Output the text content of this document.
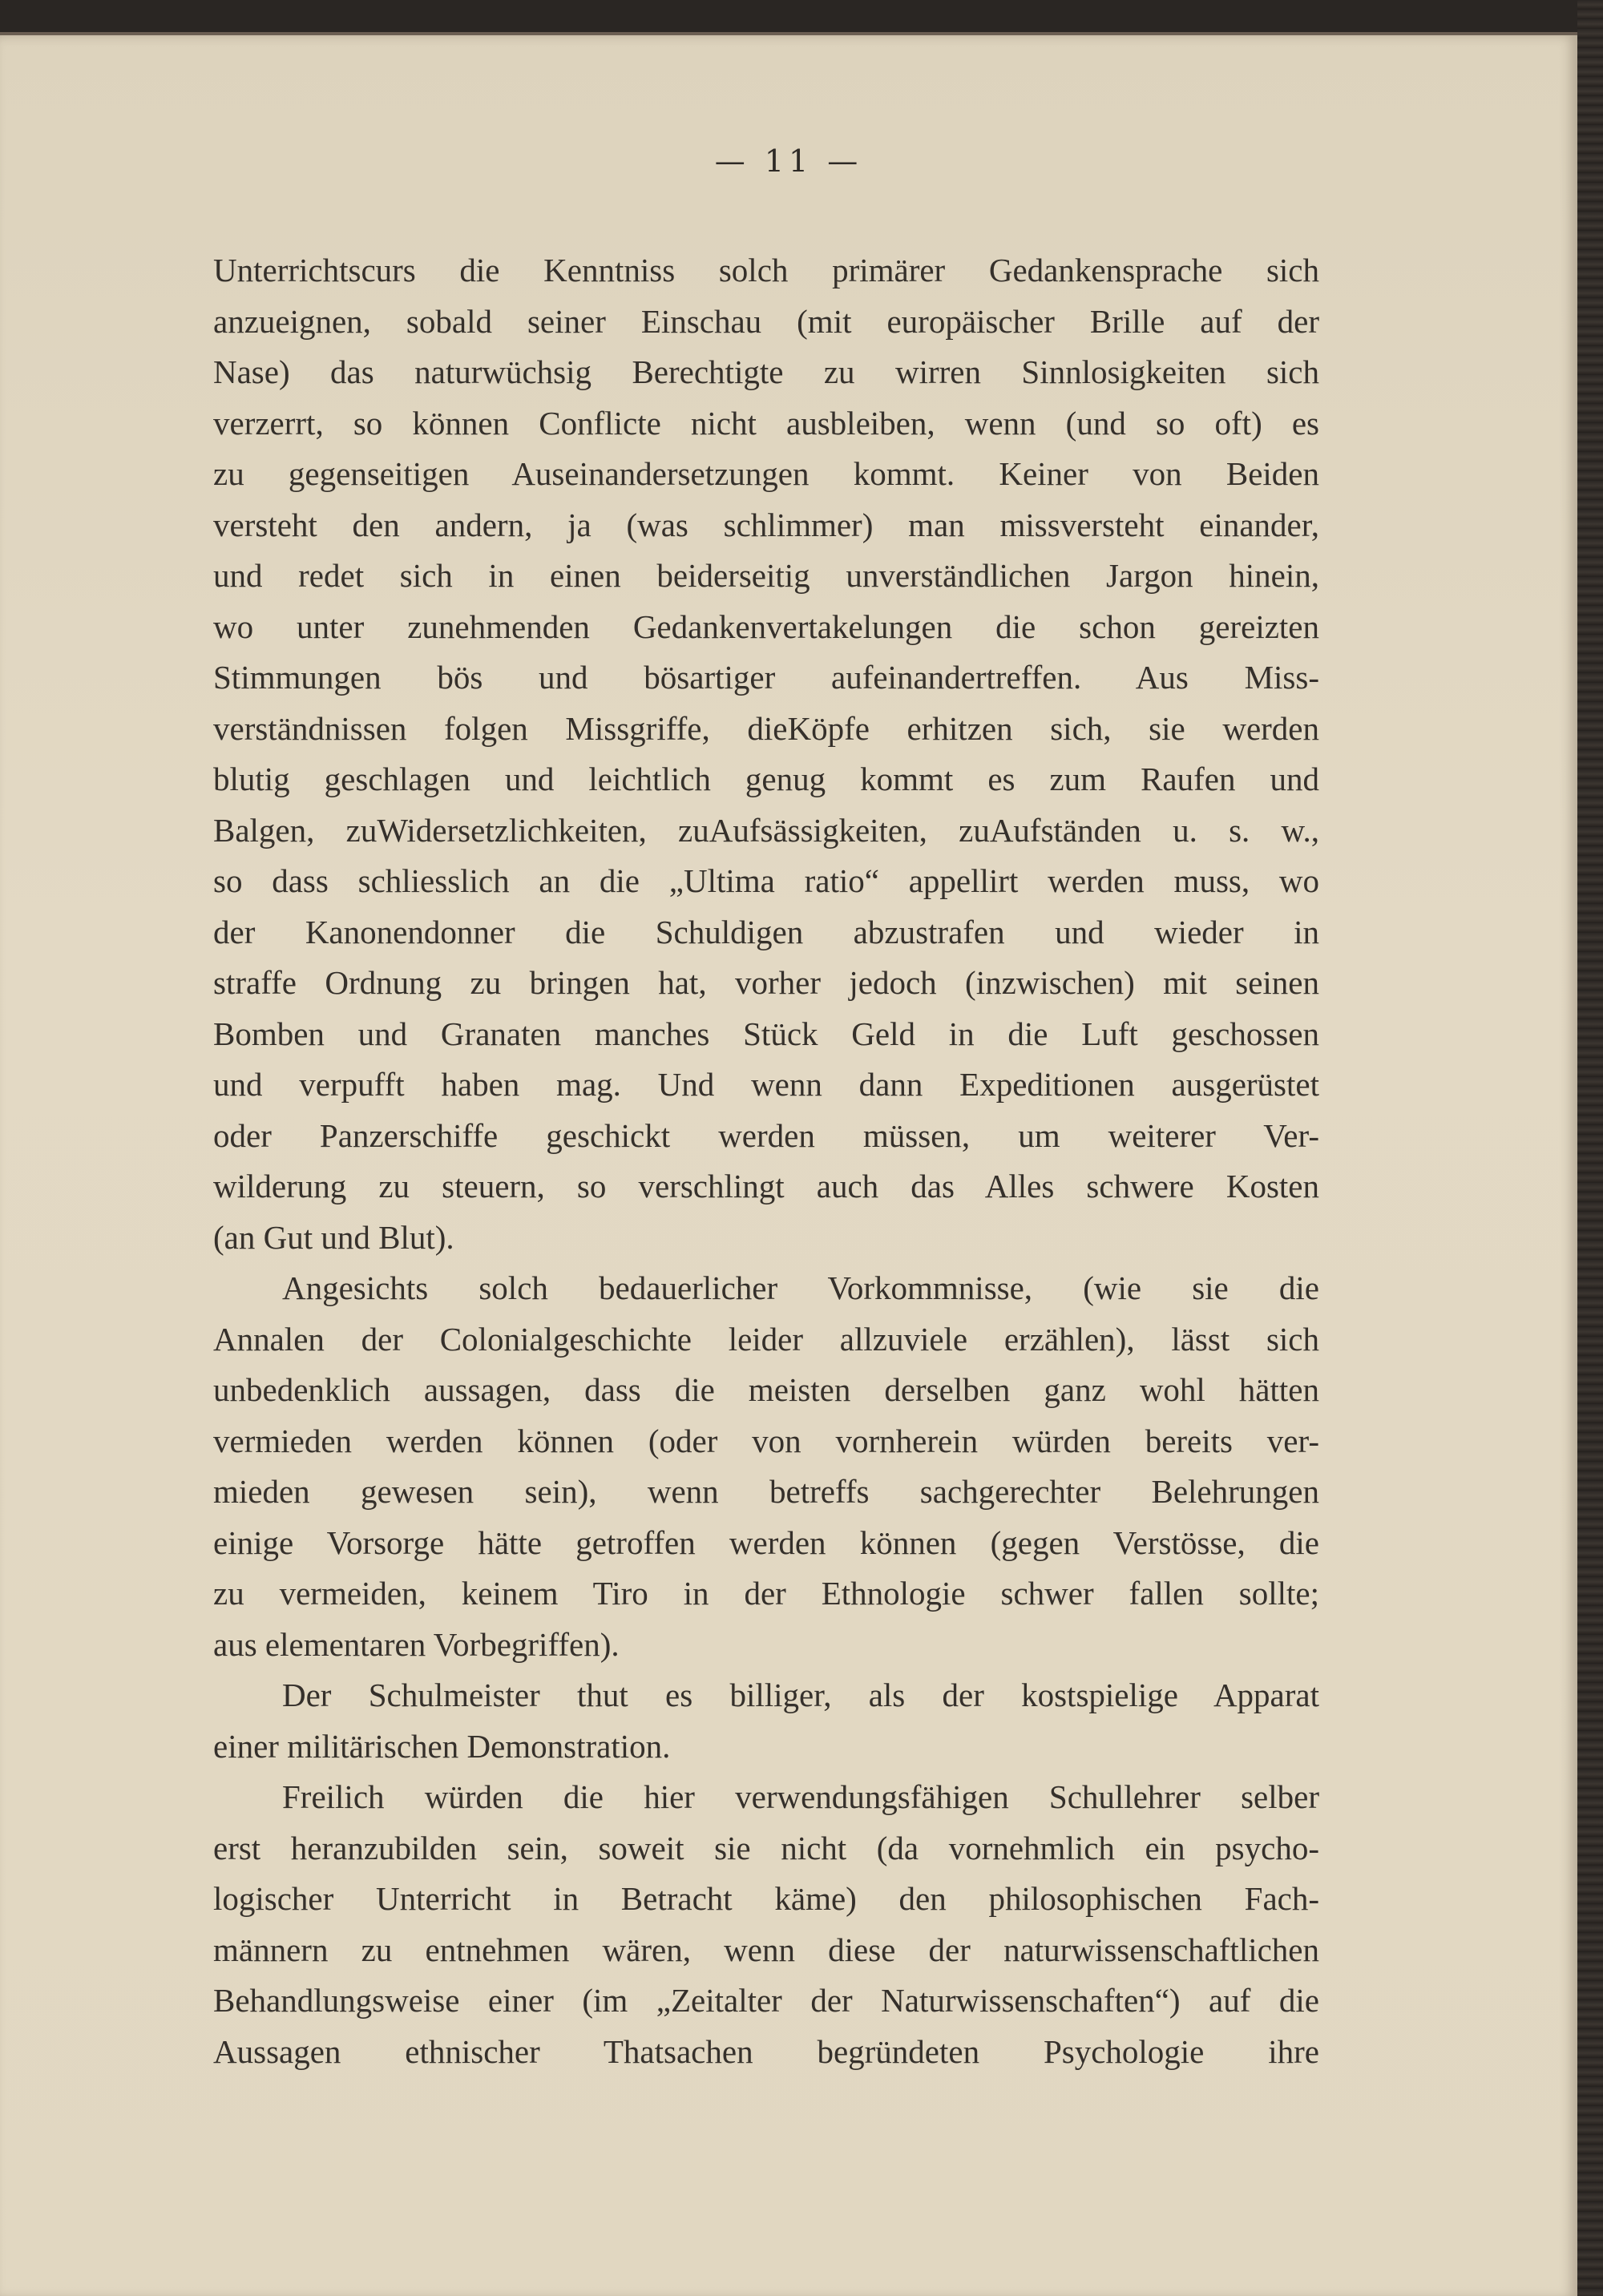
— 11 —
Unterrichtscurs die Kenntniss solch primärer Gedankensprache sich
anzueignen, sobald seiner Einschau (mit europäischer Brille auf der
Nase) das naturwüchsig Berechtigte zu wirren Sinnlosigkeiten sich
verzerrt, so können Conflicte nicht ausbleiben, wenn (und so oft) es
zu gegenseitigen Auseinandersetzungen kommt. Keiner von Beiden
versteht den andern, ja (was schlimmer) man missversteht einander,
und redet sich in einen beiderseitig unverständlichen Jargon hinein,
wo unter zunehmenden Gedankenvertakelungen die schon gereizten
Stimmungen bös und bösartiger aufeinandertreffen. Aus Miss-
verständnissen folgen Missgriffe, dieKöpfe erhitzen sich, sie werden
blutig geschlagen und leichtlich genug kommt es zum Raufen und
Balgen, zuWidersetzlichkeiten, zuAufsässigkeiten, zuAufständen u. s. w.,
so dass schliesslich an die „Ultima ratio“ appellirt werden muss, wo
der Kanonendonner die Schuldigen abzustrafen und wieder in
straffe Ordnung zu bringen hat, vorher jedoch (inzwischen) mit seinen
Bomben und Granaten manches Stück Geld in die Luft geschossen
und verpufft haben mag. Und wenn dann Expeditionen ausgerüstet
oder Panzerschiffe geschickt werden müssen, um weiterer Ver-
wilderung zu steuern, so verschlingt auch das Alles schwere Kosten
(an Gut und Blut).
Angesichts solch bedauerlicher Vorkommnisse, (wie sie die
Annalen der Colonialgeschichte leider allzuviele erzählen), lässt sich
unbedenklich aussagen, dass die meisten derselben ganz wohl hätten
vermieden werden können (oder von vornherein würden bereits ver-
mieden gewesen sein), wenn betreffs sachgerechter Belehrungen
einige Vorsorge hätte getroffen werden können (gegen Verstösse, die
zu vermeiden, keinem Tiro in der Ethnologie schwer fallen sollte;
aus elementaren Vorbegriffen).
Der Schulmeister thut es billiger, als der kostspielige Apparat
einer militärischen Demonstration.
Freilich würden die hier verwendungsfähigen Schullehrer selber
erst heranzubilden sein, soweit sie nicht (da vornehmlich ein psycho-
logischer Unterricht in Betracht käme) den philosophischen Fach-
männern zu entnehmen wären, wenn diese der naturwissenschaftlichen
Behandlungsweise einer (im „Zeitalter der Naturwissenschaften“) auf die
Aussagen ethnischer Thatsachen begründeten Psychologie ihre
